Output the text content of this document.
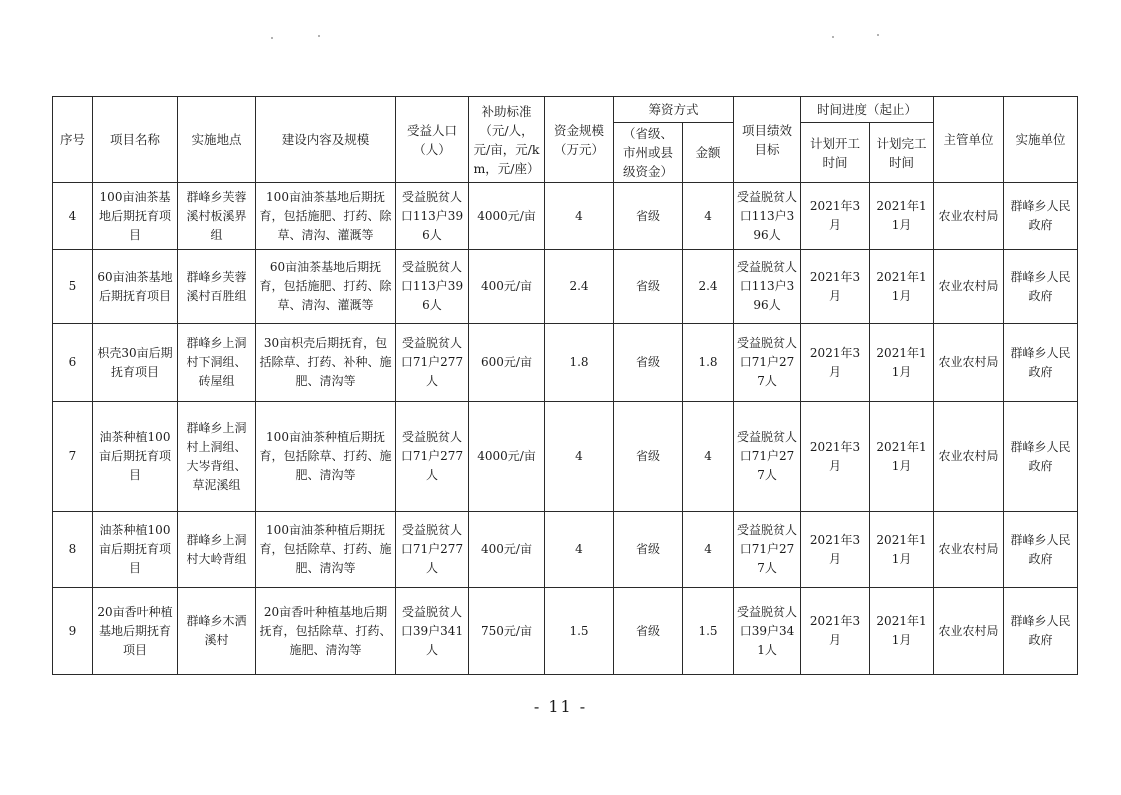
序号	项目名称	实施地点	建设内容及规模	受益人口（人）	补助标准（元/人，元/亩，元/km，元/座）	资金规模（万元）	筹资方式		项目绩效目标	时间进度（起止）		主管单位	实施单位
							（省级、市州或县级资金）	金额		计划开工时间	计划完工时间		
4	100亩油茶基地后期抚育项目	群峰乡芙蓉溪村板溪界组	100亩油茶基地后期抚育，包括施肥、打药、除草、清沟、灌溉等	受益脱贫人口113户396人	4000元/亩	4	省级	4	受益脱贫人口113户396人	2021年3月	2021年11月	农业农村局	群峰乡人民政府
5	60亩油茶基地后期抚育项目	群峰乡芙蓉溪村百胜组	60亩油茶基地后期抚育，包括施肥、打药、除草、清沟、灌溉等	受益脱贫人口113户396人	400元/亩	2.4	省级	2.4	受益脱贫人口113户396人	2021年3月	2021年11月	农业农村局	群峰乡人民政府
6	枳壳30亩后期抚育项目	群峰乡上洞村下洞组、砖屋组	30亩枳壳后期抚育，包括除草、打药、补种、施肥、清沟等	受益脱贫人口71户277人	600元/亩	1.8	省级	1.8	受益脱贫人口71户277人	2021年3月	2021年11月	农业农村局	群峰乡人民政府
7	油茶种植100亩后期抚育项目	群峰乡上洞村上洞组、大岑背组、草泥溪组	100亩油茶种植后期抚育，包括除草、打药、施肥、清沟等	受益脱贫人口71户277人	4000元/亩	4	省级	4	受益脱贫人口71户277人	2021年3月	2021年11月	农业农村局	群峰乡人民政府
8	油茶种植100亩后期抚育项目	群峰乡上洞村大岭背组	100亩油茶种植后期抚育，包括除草、打药、施肥、清沟等	受益脱贫人口71户277人	400元/亩	4	省级	4	受益脱贫人口71户277人	2021年3月	2021年11月	农业农村局	群峰乡人民政府
9	20亩香叶种植基地后期抚育项目	群峰乡木洒溪村	20亩香叶种植基地后期抚育，包括除草、打药、施肥、清沟等	受益脱贫人口39户341人	750元/亩	1.5	省级	1.5	受益脱贫人口39户341人	2021年3月	2021年11月	农业农村局	群峰乡人民政府
- 11 -
